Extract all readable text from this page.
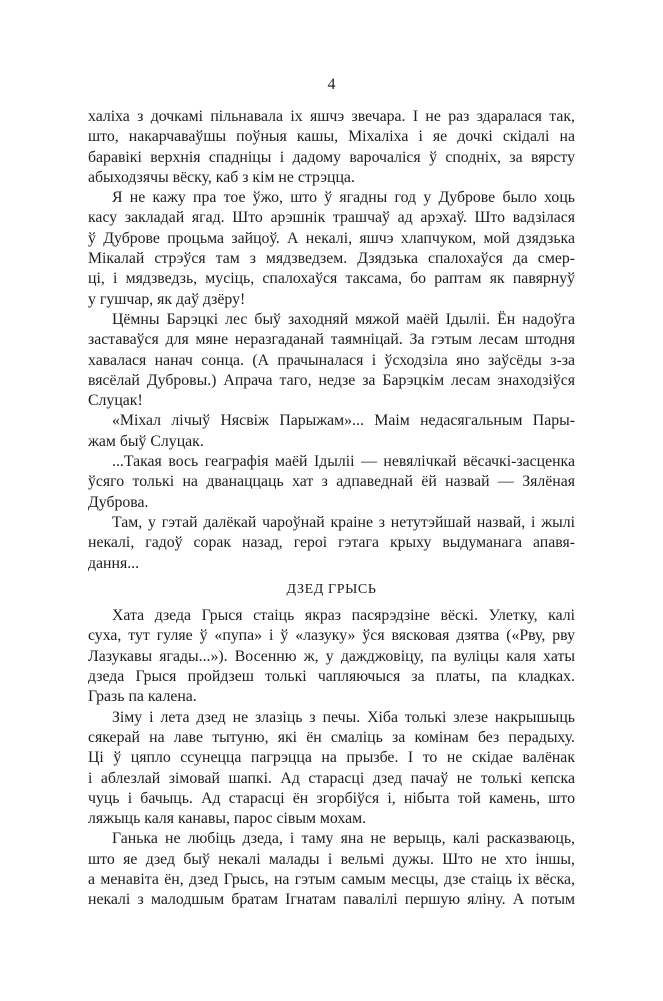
4
халіха з дочкамі пільнавала іх яшчэ звечара. І не раз здаралася так,
што, накарчаваўшы поўныя кашы, Міхаліха і яе дочкі скідалі на
баравікі верхнія спадніцы і дадому варочаліся ў сподніх, за вярсту
абыходзячы вёску, каб з кім не стрэцца.
Я не кажу пра тое ўжо, што ў ягадны год у Дуброве было хоць
касу закладай ягад. Што арэшнік трашчаў ад арэхаў. Што вадзілася
ў Дуброве процьма зайцоў. А некалі, яшчэ хлапчуком, мой дзядзька
Мікалай стрэўся там з мядзведзем. Дзядзька спалохаўся да смер-
ці, і мядзведзь, мусіць, спалохаўся таксама, бо раптам як павярнуў
у гушчар, як даў дзёру!
Цёмны Барэцкі лес быў заходняй мяжой маёй Ідыліі. Ён надоўга
заставаўся для мяне неразгаданай таямніцай. За гэтым лесам штодня
хавалася нанач сонца. (А прачыналася і ўсходзіла яно заўсёды з-за
вясёлай Дубровы.) Апрача таго, недзе за Барэцкім лесам знаходзіўся
Слуцак!
«Міхал лічыў Нясвіж Парыжам»... Маім недасягальным Пары-
жам быў Слуцак.
...Такая вось геаграфія маёй Ідыліі — невялічкай вёсачкі-засценка
ўсяго толькі на дванаццаць хат з адпаведнай ёй назвай — Зялёная
Дуброва.
Там, у гэтай далёкай чароўнай краіне з нетутэйшай назвай, і жылі
некалі, гадоў сорак назад, героі гэтага крыху выдуманага апавя-
дання...
ДЗЕД ГРЫСЬ
Хата дзеда Грыся стаіць якраз пасярэдзіне вёскі. Улетку, калі
суха, тут гуляе ў «пупа» і ў «лазуку» ўся вясковая дзятва («Рву, рву
Лазукавы ягады...»). Восенню ж, у дажджовіцу, па вуліцы каля хаты
дзеда Грыся пройдзеш толькі чапляючыся за платы, па кладках.
Гразь па калена.
Зіму і лета дзед не злазіць з печы. Хіба толькі злезе накрышыць
сякерай на лаве тытуню, які ён смаліць за комінам без перадыху.
Ці ў цяпло ссунецца пагрэцца на прызбе. І то не скідае валёнак
і аблезлай зімовай шапкі. Ад старасці дзед пачаў не толькі кепска
чуць і бачыць. Ад старасці ён згорбіўся і, нібыта той камень, што
ляжыць каля канавы, парос сівым мохам.
Ганька не любіць дзеда, і таму яна не верыць, калі расказваюць,
што яе дзед быў некалі малады і вельмі дужы. Што не хто іншы,
а менавіта ён, дзед Грысь, на гэтым самым месцы, дзе стаіць іх вёска,
некалі з малодшым братам Ігнатам павалілі першую яліну. А потым
